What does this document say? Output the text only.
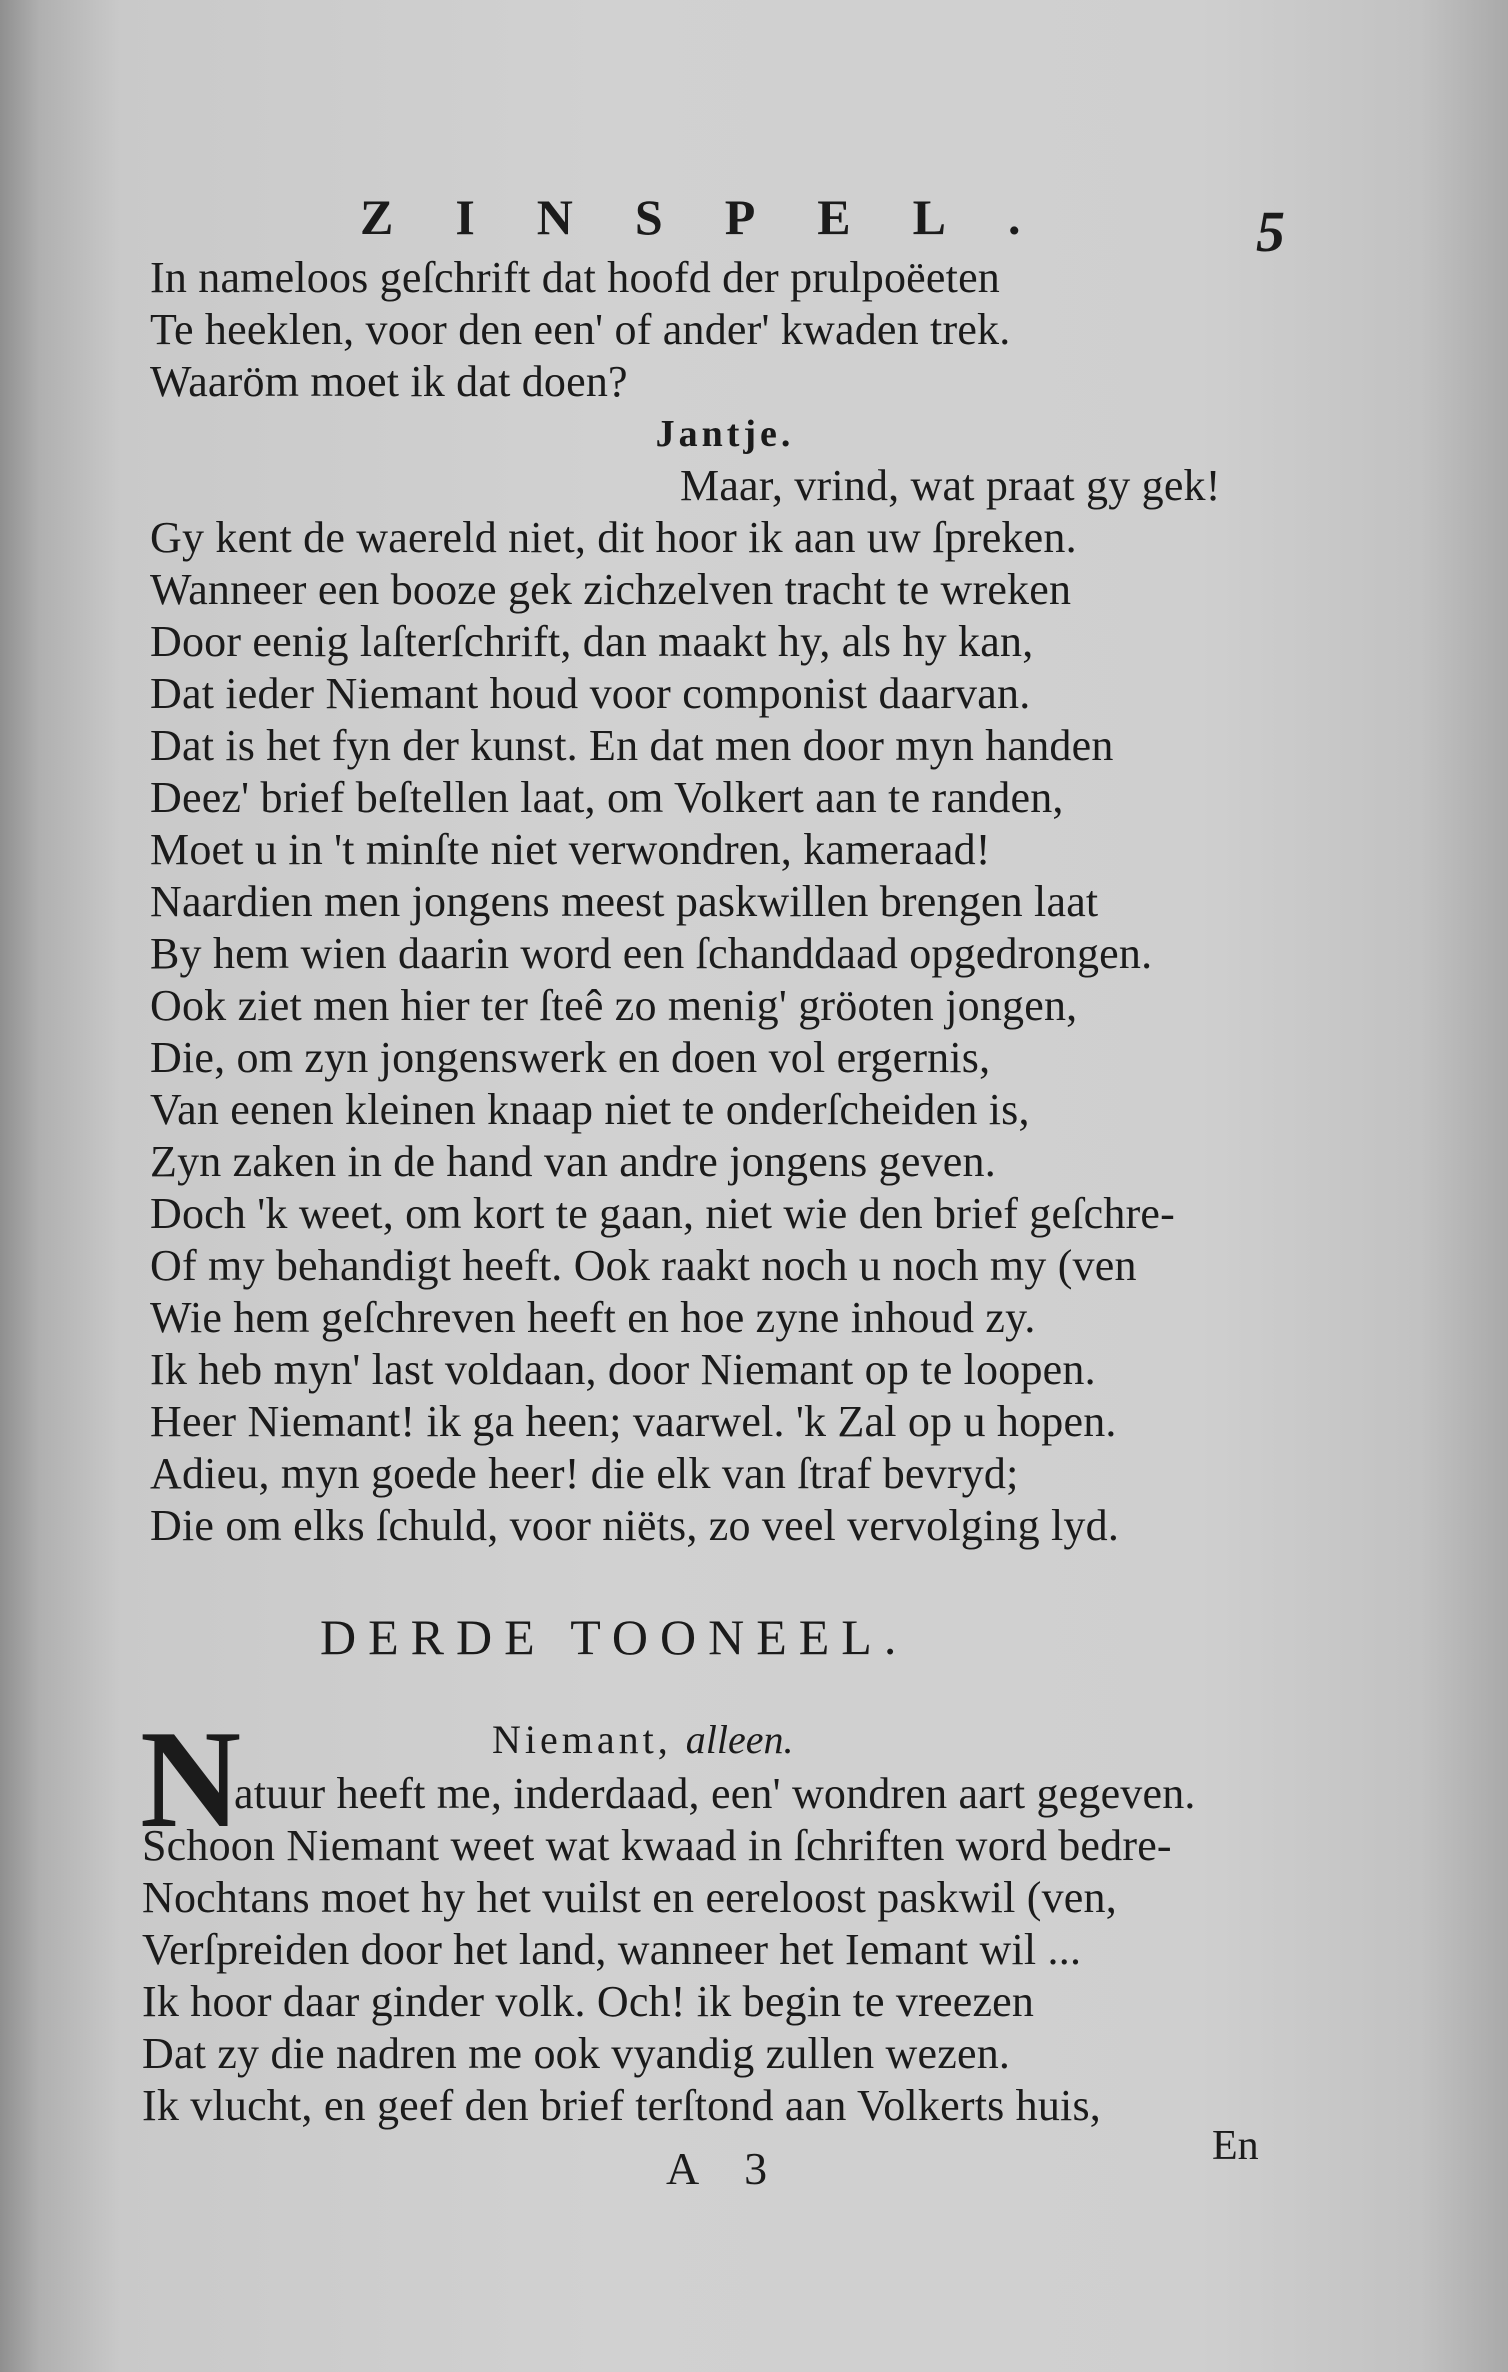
ZINSPEL.	5
In nameloos geſchrift dat hoofd der prulpoëeten
Te heeklen, voor den een' of ander' kwaden trek.
Waaröm moet ik dat doen?
Jantje.
Maar, vrind, wat praat gy gek!
Gy kent de waereld niet, dit hoor ik aan uw ſpreken.
Wanneer een booze gek zichzelven tracht te wreken
Door eenig laſterſchrift, dan maakt hy, als hy kan,
Dat ieder Niemant houd voor componist daarvan.
Dat is het fyn der kunst. En dat men door myn handen
Deez' brief beſtellen laat, om Volkert aan te randen,
Moet u in 't minſte niet verwondren, kameraad!
Naardien men jongens meest paskwillen brengen laat
By hem wien daarin word een ſchanddaad opgedrongen.
Ook ziet men hier ter ſteê zo menig' gröoten jongen,
Die, om zyn jongenswerk en doen vol ergernis,
Van eenen kleinen knaap niet te onderſcheiden is,
Zyn zaken in de hand van andre jongens geven.
Doch 'k weet, om kort te gaan, niet wie den brief geſchre-
Of my behandigt heeft. Ook raakt noch u noch my (ven
Wie hem geſchreven heeft en hoe zyne inhoud zy.
Ik heb myn' last voldaan, door Niemant op te loopen.
Heer Niemant! ik ga heen; vaarwel. 'k Zal op u hopen.
Adieu, myn goede heer! die elk van ſtraf bevryd;
Die om elks ſchuld, voor niëts, zo veel vervolging lyd.
DERDE TOONEEL.
N	Niemant, alleen.
atuur heeft me, inderdaad, een' wondren aart gegeven.
Schoon Niemant weet wat kwaad in ſchriften word bedre-
Nochtans moet hy het vuilst en eereloost paskwil (ven,
Verſpreiden door het land, wanneer het Iemant wil ...
Ik hoor daar ginder volk. Och! ik begin te vreezen
Dat zy die nadren me ook vyandig zullen wezen.
Ik vlucht, en geef den brief terſtond aan Volkerts huis,
A 3	En
